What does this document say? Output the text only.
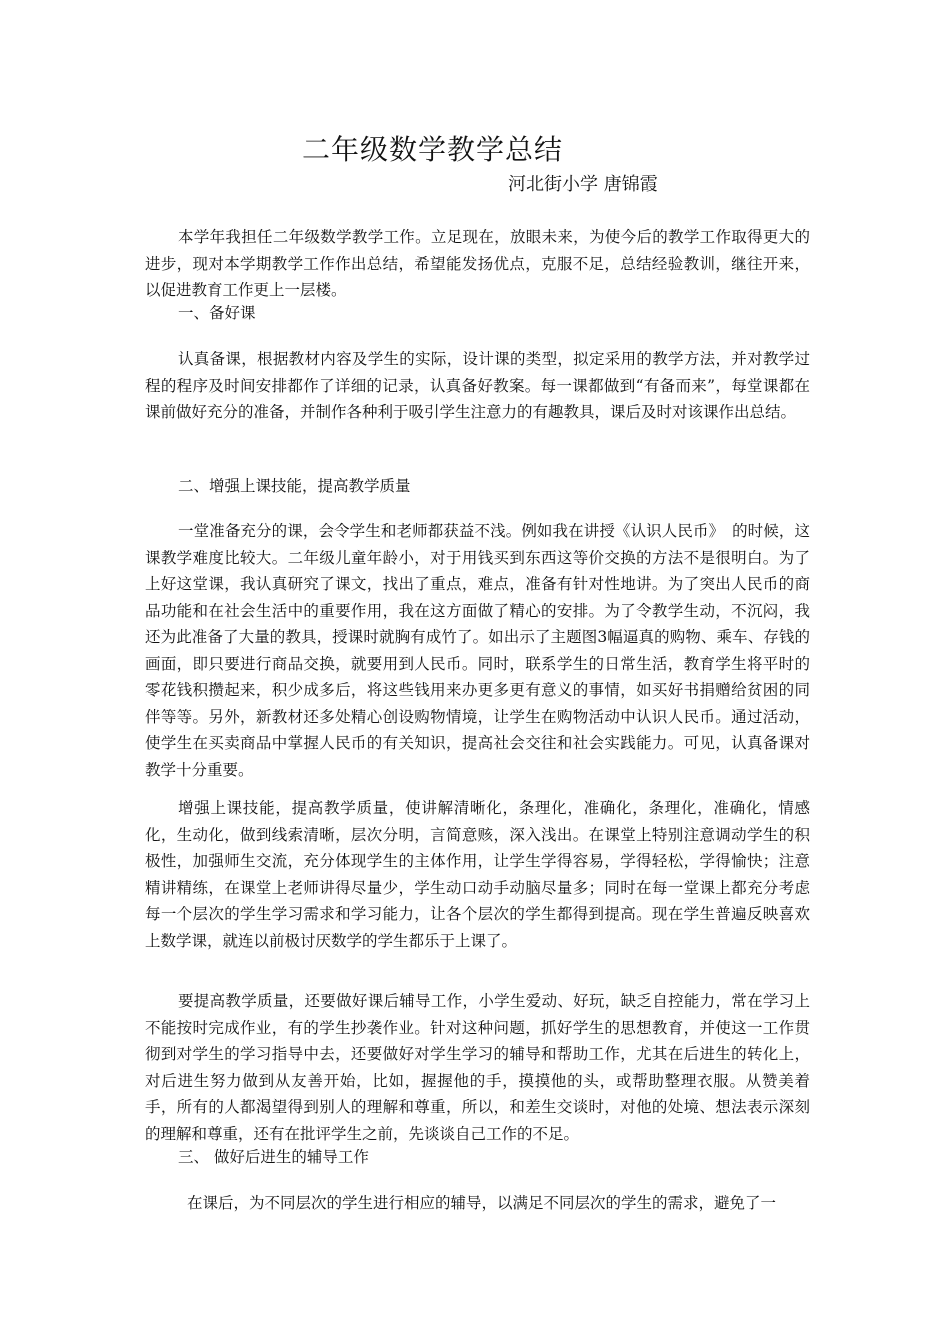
二年级数学教学总结

河北街小学 唐锦霞

本学年我担任二年级数学教学工作。立足现在，放眼未来，为使今后的教学工作取得更大的进步，现对本学期教学工作作出总结，希望能发扬优点，克服不足，总结经验教训，继往开来，以促进教育工作更上一层楼。

一、备好课

认真备课，根据教材内容及学生的实际，设计课的类型，拟定采用的教学方法，并对教学过程的程序及时间安排都作了详细的记录，认真备好教案。每一课都做到“有备而来”，每堂课都在课前做好充分的准备，并制作各种利于吸引学生注意力的有趣教具，课后及时对该课作出总结。

二、增强上课技能，提高教学质量

一堂准备充分的课，会令学生和老师都获益不浅。例如我在讲授《认识人民币》　的时候，这课教学难度比较大。二年级儿童年龄小，对于用钱买到东西这等价交换的方法不是很明白。为了上好这堂课，我认真研究了课文，找出了重点，难点，准备有针对性地讲。为了突出人民币的商品功能和在社会生活中的重要作用，我在这方面做了精心的安排。为了令教学生动，不沉闷，我还为此准备了大量的教具，授课时就胸有成竹了。如出示了主题图3幅逼真的购物、乘车、存钱的画面，即只要进行商品交换，就要用到人民币。同时，联系学生的日常生活，教育学生将平时的零花钱积攒起来，积少成多后，将这些钱用来办更多更有意义的事情，如买好书捐赠给贫困的同伴等等。另外，新教材还多处精心创设购物情境，让学生在购物活动中认识人民币。通过活动，使学生在买卖商品中掌握人民币的有关知识，提高社会交往和社会实践能力。可见，认真备课对教学十分重要。

增强上课技能，提高教学质量，使讲解清晰化，条理化，准确化，条理化，准确化，情感化，生动化，做到线索清晰，层次分明，言简意赅，深入浅出。在课堂上特别注意调动学生的积极性，加强师生交流，充分体现学生的主体作用，让学生学得容易，学得轻松，学得愉快；注意精讲精练，在课堂上老师讲得尽量少，学生动口动手动脑尽量多；同时在每一堂课上都充分考虑每一个层次的学生学习需求和学习能力，让各个层次的学生都得到提高。现在学生普遍反映喜欢上数学课，就连以前极讨厌数学的学生都乐于上课了。

要提高教学质量，还要做好课后辅导工作，小学生爱动、好玩，缺乏自控能力，常在学习上不能按时完成作业，有的学生抄袭作业。针对这种问题，抓好学生的思想教育，并使这一工作贯彻到对学生的学习指导中去，还要做好对学生学习的辅导和帮助工作，尤其在后进生的转化上，对后进生努力做到从友善开始，比如，握握他的手，摸摸他的头，或帮助整理衣服。从赞美着手，所有的人都渴望得到别人的理解和尊重，所以，和差生交谈时，对他的处境、想法表示深刻的理解和尊重，还有在批评学生之前，先谈谈自己工作的不足。

三、 做好后进生的辅导工作

在课后，为不同层次的学生进行相应的辅导，以满足不同层次的学生的需求，避免了一
